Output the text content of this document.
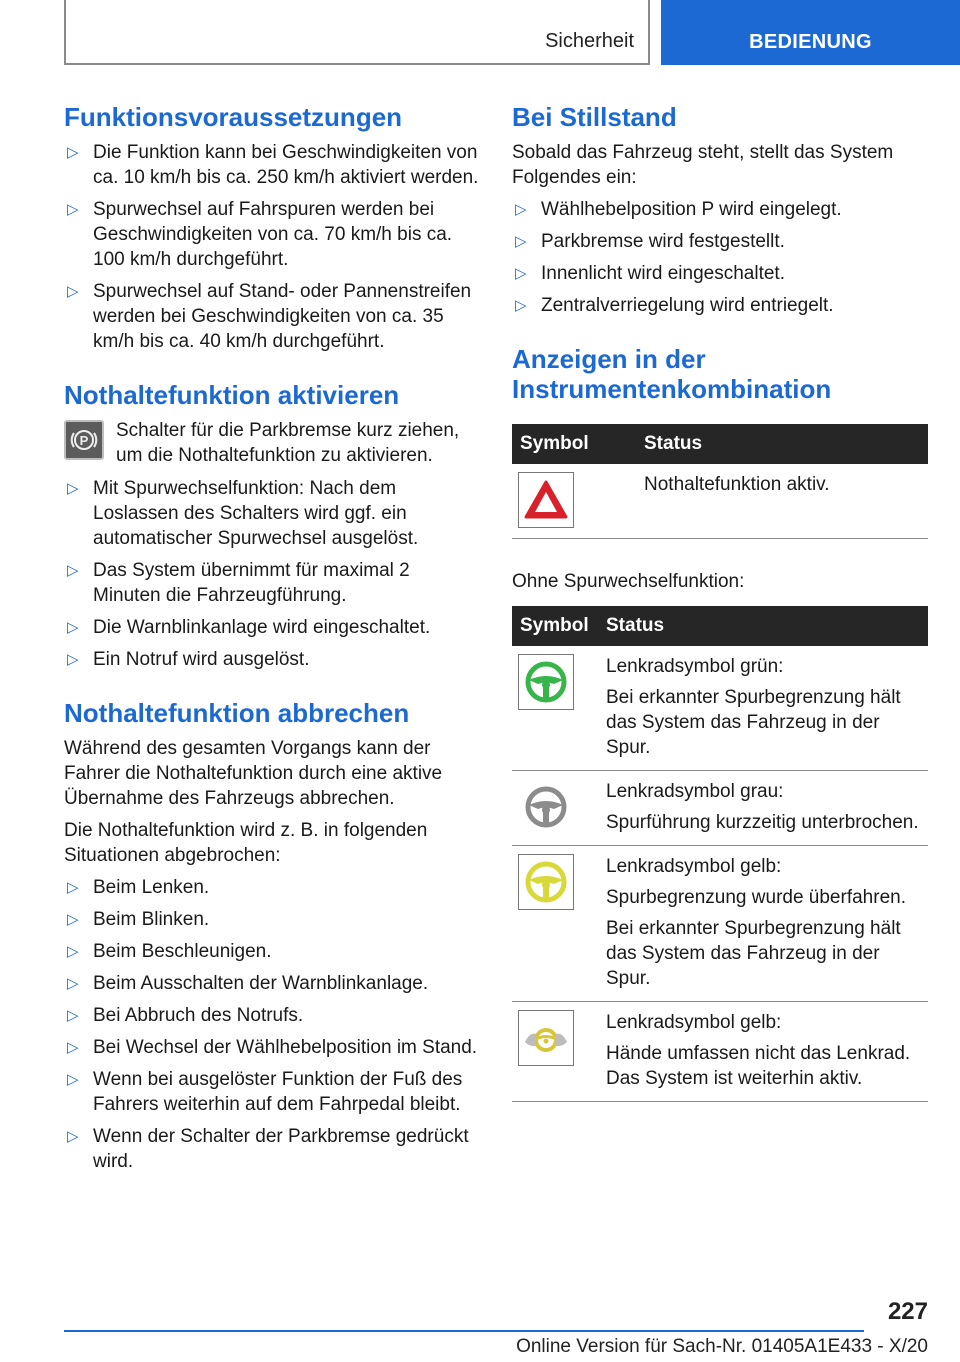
Sicherheit	BEDIENUNG
Funktionsvoraussetzungen
▷ Die Funktion kann bei Geschwindigkeiten von ca. 10 km/h bis ca. 250 km/h aktiviert werden.
▷ Spurwechsel auf Fahrspuren werden bei Geschwindigkeiten von ca. 70 km/h bis ca. 100 km/h durchgeführt.
▷ Spurwechsel auf Stand- oder Pannenstreifen werden bei Geschwindigkeiten von ca. 35 km/h bis ca. 40 km/h durchgeführt.
Nothaltefunktion aktivieren
P Schalter für die Parkbremse kurz ziehen, um die Nothaltefunktion zu aktivieren.
▷ Mit Spurwechselfunktion: Nach dem Loslassen des Schalters wird ggf. ein automatischer Spurwechsel ausgelöst.
▷ Das System übernimmt für maximal 2 Minuten die Fahrzeugführung.
▷ Die Warnblinkanlage wird eingeschaltet.
▷ Ein Notruf wird ausgelöst.
Nothaltefunktion abbrechen

Während des gesamten Vorgangs kann der Fahrer die Nothaltefunktion durch eine aktive Übernahme des Fahrzeugs abbrechen.

Die Nothaltefunktion wird z. B. in folgenden Situationen abgebrochen:

▷ Beim Lenken.
▷ Beim Blinken.
▷ Beim Beschleunigen.
▷ Beim Ausschalten der Warnblinkanlage.
▷ Bei Abbruch des Notrufs.
▷ Bei Wechsel der Wählhebelposition im Stand.
▷ Wenn bei ausgelöster Funktion der Fuß des Fahrers weiterhin auf dem Fahrpedal bleibt.
▷ Wenn der Schalter der Parkbremse gedrückt wird.
Bei Stillstand

Sobald das Fahrzeug steht, stellt das System Folgendes ein:

▷ Wählhebelposition P wird eingelegt.
▷ Parkbremse wird festgestellt.
▷ Innenlicht wird eingeschaltet.
▷ Zentralverriegelung wird entriegelt.
Anzeigen in der Instrumentenkombination
Symbol	Status

Nothaltefunktion aktiv.

Ohne Spurwechselfunktion:

Symbol	Status

Lenkradsymbol grün:

Bei erkannter Spurbegrenzung hält das System das Fahrzeug in der Spur.

Lenkradsymbol grau:

Spurführung kurzzeitig unterbrochen.

Lenkradsymbol gelb:

Spurbegrenzung wurde überfahren.

Bei erkannter Spurbegrenzung hält das System das Fahrzeug in der Spur.

Lenkradsymbol gelb:

Hände umfassen nicht das Lenkrad. Das System ist weiterhin aktiv.

227
Online Version für Sach-Nr. 01405A1E433 - X/20
